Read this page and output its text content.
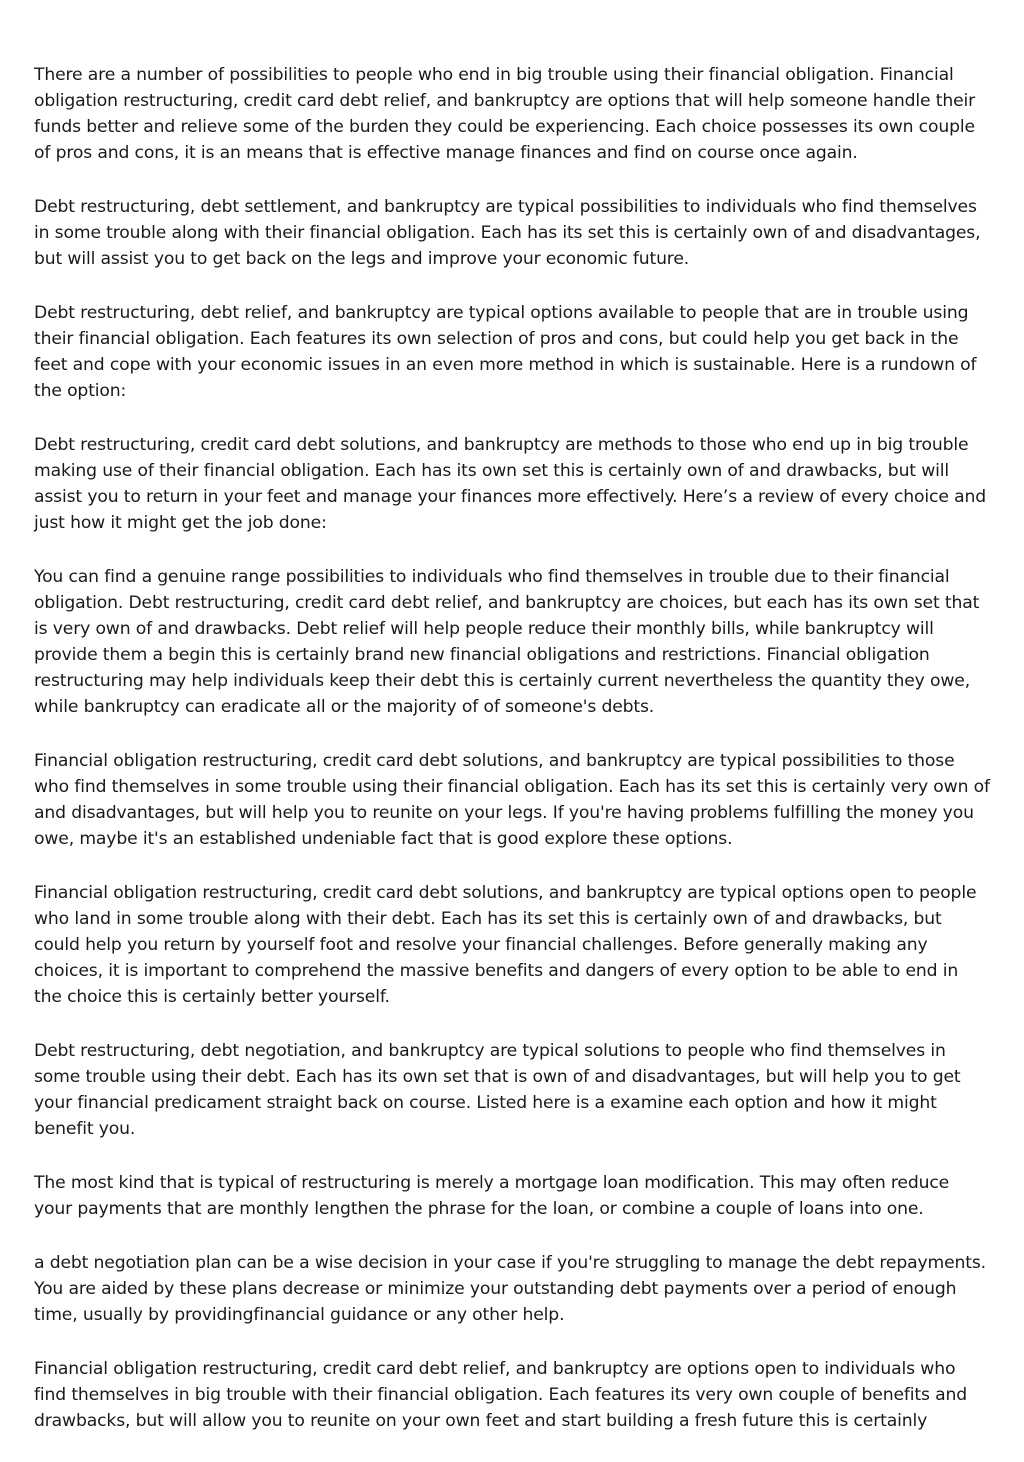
There are a number of possibilities to people who end in big trouble using their financial obligation. Financial obligation restructuring, credit card debt relief, and bankruptcy are options that will help someone handle their funds better and relieve some of the burden they could be experiencing. Each choice possesses its own couple of pros and cons, it is an means that is effective manage finances and find on course once again.

Debt restructuring, debt settlement, and bankruptcy are typical possibilities to individuals who find themselves in some trouble along with their financial obligation. Each has its set this is certainly own of and disadvantages, but will assist you to get back on the legs and improve your economic future.

Debt restructuring, debt relief, and bankruptcy are typical options available to people that are in trouble using their financial obligation. Each features its own selection of pros and cons, but could help you get back in the feet and cope with your economic issues in an even more method in which is sustainable. Here is a rundown of the option:

Debt restructuring, credit card debt solutions, and bankruptcy are methods to those who end up in big trouble making use of their financial obligation. Each has its own set this is certainly own of and drawbacks, but will assist you to return in your feet and manage your finances more effectively. Here’s a review of every choice and just how it might get the job done:

You can find a genuine range possibilities to individuals who find themselves in trouble due to their financial obligation. Debt restructuring, credit card debt relief, and bankruptcy are choices, but each has its own set that is very own of and drawbacks. Debt relief will help people reduce their monthly bills, while bankruptcy will provide them a begin this is certainly brand new financial obligations and restrictions. Financial obligation restructuring may help individuals keep their debt this is certainly current nevertheless the quantity they owe, while bankruptcy can eradicate all or the majority of of someone's debts.

Financial obligation restructuring, credit card debt solutions, and bankruptcy are typical possibilities to those who find themselves in some trouble using their financial obligation. Each has its set this is certainly very own of and disadvantages, but will help you to reunite on your legs. If you're having problems fulfilling the money you owe, maybe it's an established undeniable fact that is good explore these options.

Financial obligation restructuring, credit card debt solutions, and bankruptcy are typical options open to people who land in some trouble along with their debt. Each has its set this is certainly own of and drawbacks, but could help you return by yourself foot and resolve your financial challenges. Before generally making any choices, it is important to comprehend the massive benefits and dangers of every option to be able to end in the choice this is certainly better yourself.

Debt restructuring, debt negotiation, and bankruptcy are typical solutions to people who find themselves in some trouble using their debt. Each has its own set that is own of and disadvantages, but will help you to get your financial predicament straight back on course. Listed here is a examine each option and how it might benefit you.

The most kind that is typical of restructuring is merely a mortgage loan modification. This may often reduce your payments that are monthly lengthen the phrase for the loan, or combine a couple of loans into one.

a debt negotiation plan can be a wise decision in your case if you're struggling to manage the debt repayments. You are aided by these plans decrease or minimize your outstanding debt payments over a period of enough time, usually by providingfinancial guidance or any other help.

Financial obligation restructuring, credit card debt relief, and bankruptcy are options open to individuals who find themselves in big trouble with their financial obligation. Each features its very own couple of benefits and drawbacks, but will allow you to reunite on your own feet and start building a fresh future this is certainly
